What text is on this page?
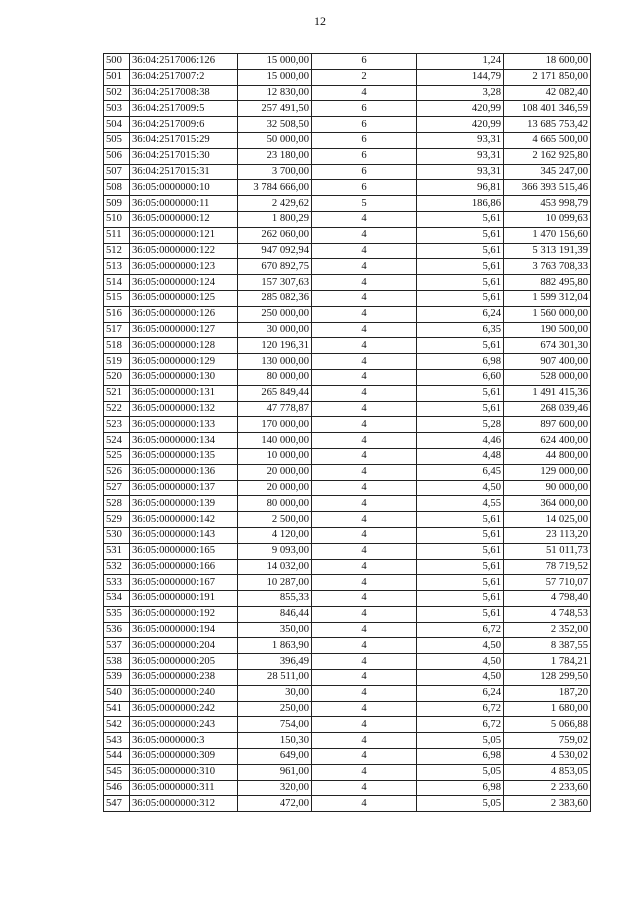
12
500	36:04:2517006:126	15 000,00	6	1,24	18 600,00
501	36:04:2517007:2	15 000,00	2	144,79	2 171 850,00
502	36:04:2517008:38	12 830,00	4	3,28	42 082,40
503	36:04:2517009:5	257 491,50	6	420,99	108 401 346,59
504	36:04:2517009:6	32 508,50	6	420,99	13 685 753,42
505	36:04:2517015:29	50 000,00	6	93,31	4 665 500,00
506	36:04:2517015:30	23 180,00	6	93,31	2 162 925,80
507	36:04:2517015:31	3 700,00	6	93,31	345 247,00
508	36:05:0000000:10	3 784 666,00	6	96,81	366 393 515,46
509	36:05:0000000:11	2 429,62	5	186,86	453 998,79
510	36:05:0000000:12	1 800,29	4	5,61	10 099,63
511	36:05:0000000:121	262 060,00	4	5,61	1 470 156,60
512	36:05:0000000:122	947 092,94	4	5,61	5 313 191,39
513	36:05:0000000:123	670 892,75	4	5,61	3 763 708,33
514	36:05:0000000:124	157 307,63	4	5,61	882 495,80
515	36:05:0000000:125	285 082,36	4	5,61	1 599 312,04
516	36:05:0000000:126	250 000,00	4	6,24	1 560 000,00
517	36:05:0000000:127	30 000,00	4	6,35	190 500,00
518	36:05:0000000:128	120 196,31	4	5,61	674 301,30
519	36:05:0000000:129	130 000,00	4	6,98	907 400,00
520	36:05:0000000:130	80 000,00	4	6,60	528 000,00
521	36:05:0000000:131	265 849,44	4	5,61	1 491 415,36
522	36:05:0000000:132	47 778,87	4	5,61	268 039,46
523	36:05:0000000:133	170 000,00	4	5,28	897 600,00
524	36:05:0000000:134	140 000,00	4	4,46	624 400,00
525	36:05:0000000:135	10 000,00	4	4,48	44 800,00
526	36:05:0000000:136	20 000,00	4	6,45	129 000,00
527	36:05:0000000:137	20 000,00	4	4,50	90 000,00
528	36:05:0000000:139	80 000,00	4	4,55	364 000,00
529	36:05:0000000:142	2 500,00	4	5,61	14 025,00
530	36:05:0000000:143	4 120,00	4	5,61	23 113,20
531	36:05:0000000:165	9 093,00	4	5,61	51 011,73
532	36:05:0000000:166	14 032,00	4	5,61	78 719,52
533	36:05:0000000:167	10 287,00	4	5,61	57 710,07
534	36:05:0000000:191	855,33	4	5,61	4 798,40
535	36:05:0000000:192	846,44	4	5,61	4 748,53
536	36:05:0000000:194	350,00	4	6,72	2 352,00
537	36:05:0000000:204	1 863,90	4	4,50	8 387,55
538	36:05:0000000:205	396,49	4	4,50	1 784,21
539	36:05:0000000:238	28 511,00	4	4,50	128 299,50
540	36:05:0000000:240	30,00	4	6,24	187,20
541	36:05:0000000:242	250,00	4	6,72	1 680,00
542	36:05:0000000:243	754,00	4	6,72	5 066,88
543	36:05:0000000:3	150,30	4	5,05	759,02
544	36:05:0000000:309	649,00	4	6,98	4 530,02
545	36:05:0000000:310	961,00	4	5,05	4 853,05
546	36:05:0000000:311	320,00	4	6,98	2 233,60
547	36:05:0000000:312	472,00	4	5,05	2 383,60
